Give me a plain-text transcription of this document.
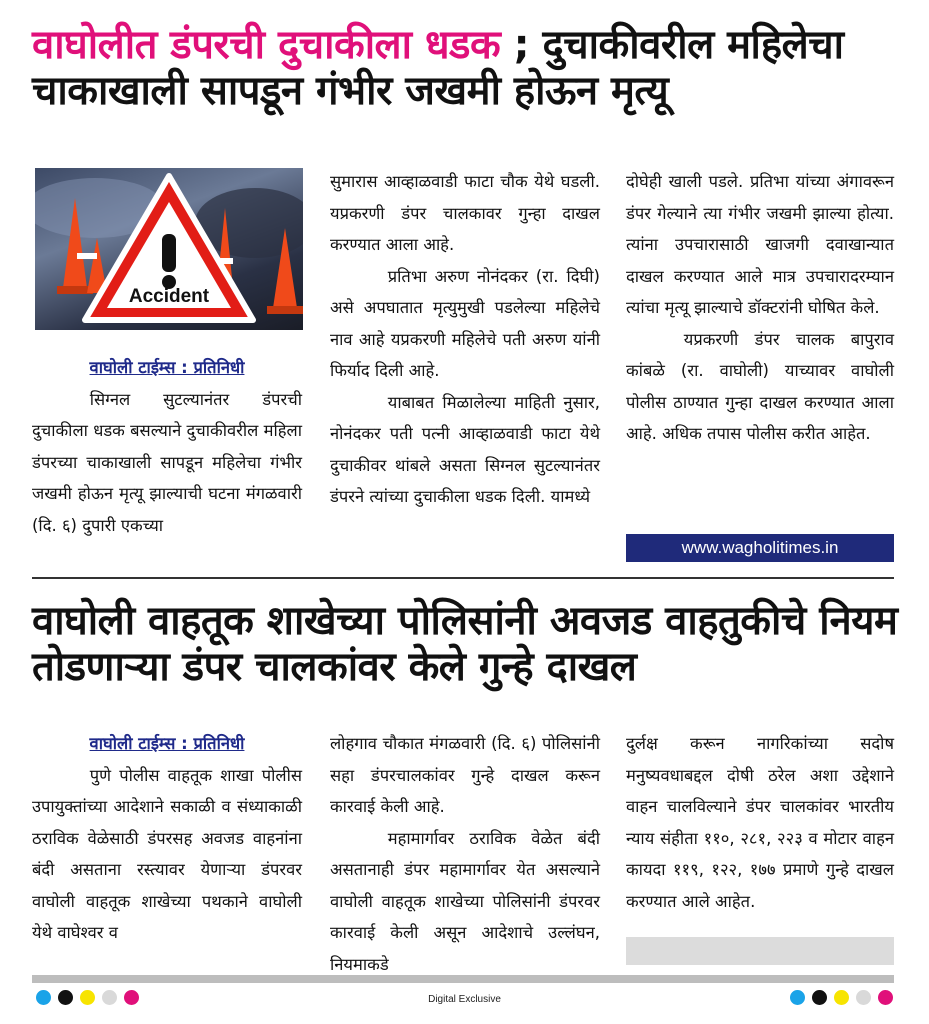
वाघोलीत डंपरची दुचाकीला धडक ; दुचाकीवरील महिलेचा चाकाखाली सापडून गंभीर जखमी होऊन मृत्यू
Accident
वाघोली टाईम्स : प्रतिनिधी

सिग्नल सुटल्यानंतर डंपरची दुचाकीला धडक बसल्याने दुचाकीवरील महिला डंपरच्या चाकाखाली सापडून महिलेचा गंभीर जखमी होऊन मृत्यू झाल्याची घटना मंगळवारी (दि. ६) दुपारी एकच्या

सुमारास आव्हाळवाडी फाटा चौक येथे घडली. यप्रकरणी डंपर चालकावर गुन्हा दाखल करण्यात आला आहे.

प्रतिभा अरुण नोनंदकर (रा. दिघी) असे अपघातात मृत्युमुखी पडलेल्या महिलेचे नाव आहे यप्रकरणी महिलेचे पती अरुण यांनी फिर्याद दिली आहे.

याबाबत मिळालेल्या माहिती नुसार, नोनंदकर पती पत्नी आव्हाळवाडी फाटा येथे दुचाकीवर थांबले असता सिग्नल सुटल्यानंतर डंपरने त्यांच्या दुचाकीला धडक दिली. यामध्ये

दोघेही खाली पडले. प्रतिभा यांच्या अंगावरून डंपर गेल्याने त्या गंभीर जखमी झाल्या होत्या. त्यांना उपचारासाठी खाजगी दवाखान्यात दाखल करण्यात आले मात्र उपचारादरम्यान त्यांचा मृत्यू झाल्याचे डॉक्टरांनी घोषित केले.

यप्रकरणी डंपर चालक बापुराव कांबळे (रा. वाघोली) याच्यावर वाघोली पोलीस ठाण्यात गुन्हा दाखल करण्यात आला आहे. अधिक तपास पोलीस करीत आहेत.

www.wagholitimes.in
वाघोली वाहतूक शाखेच्या पोलिसांनी अवजड वाहतुकीचे नियम तोडणाऱ्या डंपर चालकांवर केले गुन्हे दाखल
वाघोली टाईम्स : प्रतिनिधी

पुणे पोलीस वाहतूक शाखा पोलीस उपायुक्तांच्या आदेशाने सकाळी व संध्याकाळी ठराविक वेळेसाठी डंपरसह अवजड वाहनांना बंदी असताना रस्त्यावर येणाऱ्या डंपरवर वाघोली वाहतूक शाखेच्या पथकाने वाघोली येथे वाघेश्वर व

लोहगाव चौकात मंगळवारी (दि. ६) पोलिसांनी सहा डंपरचालकांवर गुन्हे दाखल करून कारवाई केली आहे.

महामार्गावर ठराविक वेळेत बंदी असतानाही डंपर महामार्गावर येत असल्याने वाघोली वाहतूक शाखेच्या पोलिसांनी डंपरवर कारवाई केली असून आदेशाचे उल्लंघन, नियमाकडे

दुर्लक्ष करून नागरिकांच्या सदोष मनुष्यवधाबद्दल दोषी ठरेल अशा उद्देशाने वाहन चालविल्याने डंपर चालकांवर भारतीय न्याय संहीता ११०, २८१, २२३ व मोटार वाहन कायदा ११९, १२२, १७७ प्रमाणे गुन्हे दाखल करण्यात आले आहेत.

Digital Exclusive
